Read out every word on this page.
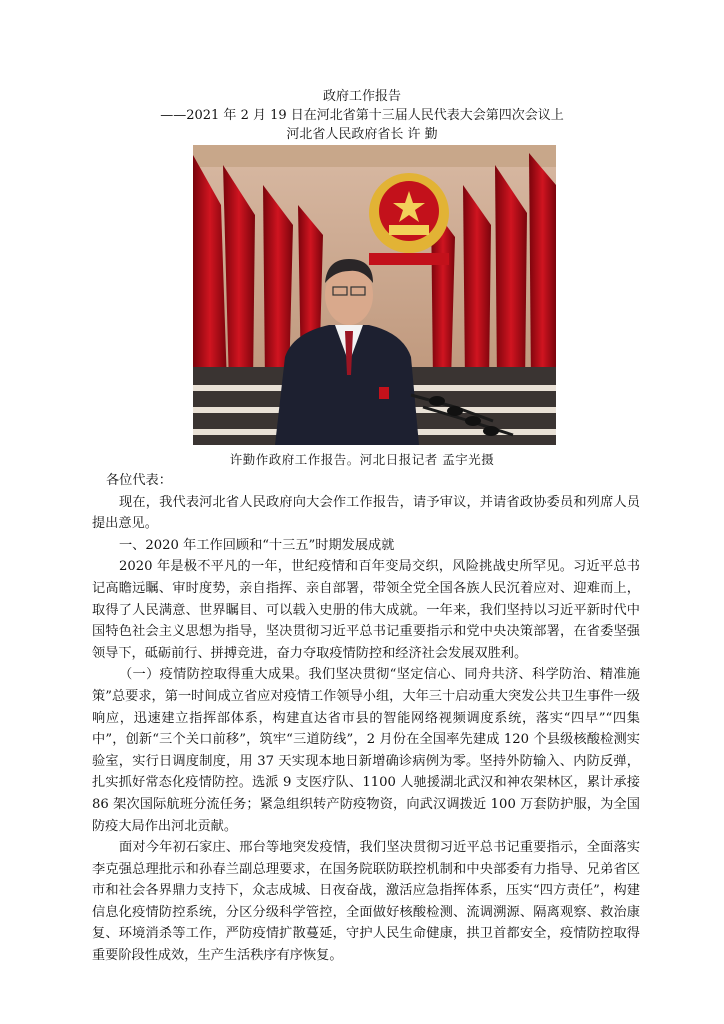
政府工作报告
——2021 年 2 月 19 日在河北省第十三届人民代表大会第四次会议上
河北省人民政府省长 许 勤
许勤作政府工作报告。河北日报记者 孟宇光摄

各位代表：

现在，我代表河北省人民政府向大会作工作报告，请予审议，并请省政协委员和列席人员提出意见。

一、2020 年工作回顾和“十三五”时期发展成就

2020 年是极不平凡的一年，世纪疫情和百年变局交织，风险挑战史所罕见。习近平总书记高瞻远瞩、审时度势，亲自指挥、亲自部署，带领全党全国各族人民沉着应对、迎难而上，取得了人民满意、世界瞩目、可以载入史册的伟大成就。一年来，我们坚持以习近平新时代中国特色社会主义思想为指导，坚决贯彻习近平总书记重要指示和党中央决策部署，在省委坚强领导下，砥砺前行、拼搏竞进，奋力夺取疫情防控和经济社会发展双胜利。

（一）疫情防控取得重大成果。我们坚决贯彻“坚定信心、同舟共济、科学防治、精准施策”总要求，第一时间成立省应对疫情工作领导小组，大年三十启动重大突发公共卫生事件一级响应，迅速建立指挥部体系，构建直达省市县的智能网络视频调度系统，落实“四早”“四集中”，创新“三个关口前移”，筑牢“三道防线”，2 月份在全国率先建成 120 个县级核酸检测实验室，实行日调度制度，用 37 天实现本地日新增确诊病例为零。坚持外防输入、内防反弹，扎实抓好常态化疫情防控。选派 9 支医疗队、1100 人驰援湖北武汉和神农架林区，累计承接 86 架次国际航班分流任务；紧急组织转产防疫物资，向武汉调拨近 100 万套防护服，为全国防疫大局作出河北贡献。

面对今年初石家庄、邢台等地突发疫情，我们坚决贯彻习近平总书记重要指示，全面落实李克强总理批示和孙春兰副总理要求，在国务院联防联控机制和中央部委有力指导、兄弟省区市和社会各界鼎力支持下，众志成城、日夜奋战，激活应急指挥体系，压实“四方责任”，构建信息化疫情防控系统，分区分级科学管控，全面做好核酸检测、流调溯源、隔离观察、救治康复、环境消杀等工作，严防疫情扩散蔓延，守护人民生命健康，拱卫首都安全，疫情防控取得重要阶段性成效，生产生活秩序有序恢复。
